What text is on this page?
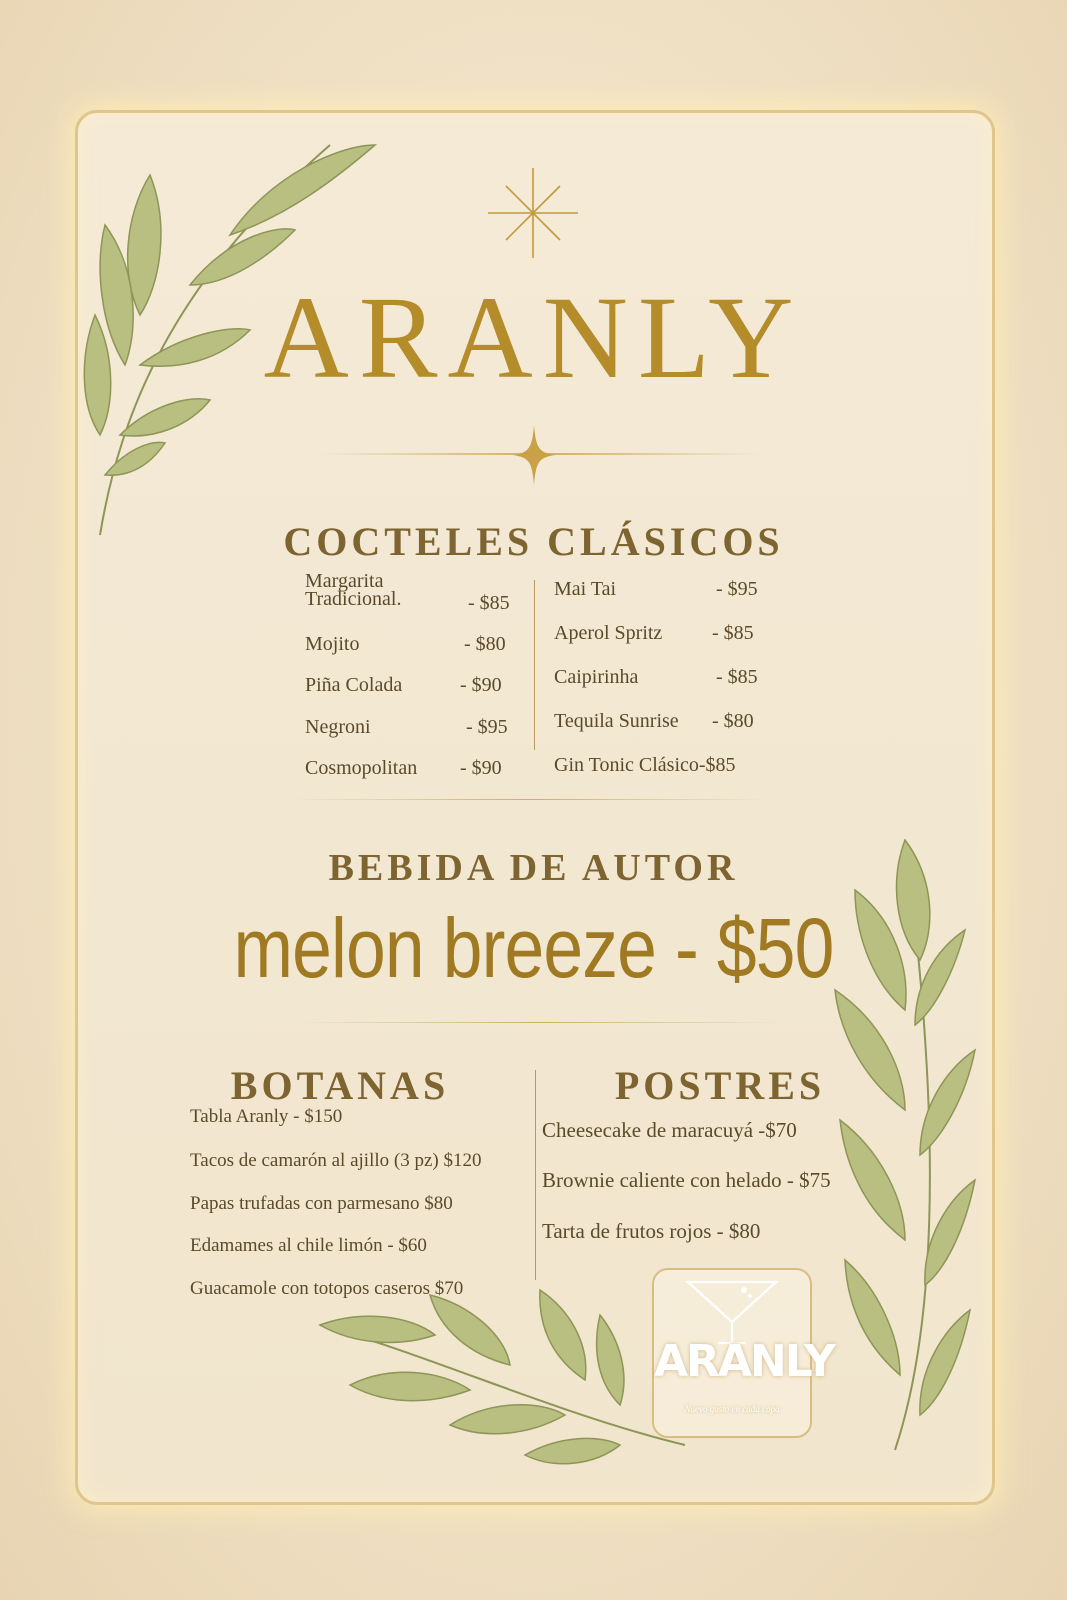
ARANLY
COCTELES CLÁSICOS
Margarita
Tradicional.	- $85
Mojito	- $80
Piña Colada	- $90
Negroni	- $95
Cosmopolitan - $90
Mai Tai	- $95
Aperol Spritz - $85
Caipirinha	- $85
Tequila Sunrise - $80
Gin Tonic Clásico-$85
BEBIDA DE AUTOR
melon breeze - $50
BOTANAS
Tabla Aranly - $150
Tacos de camarón al ajillo (3 pz) $120
Papas trufadas con parmesano $80
Edamames al chile limón - $60
Guacamole con totopos caseros $70
POSTRES
Cheesecake de maracuyá -$70
Brownie caliente con helado - $75
Tarta de frutos rojos - $80
ARANLY
Nuevo gusto en cada copa
